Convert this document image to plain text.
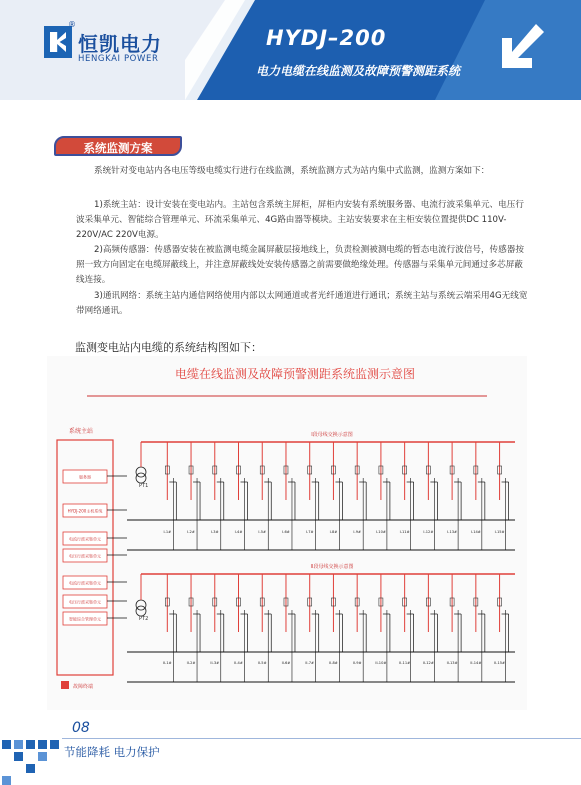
®
恒凯电力
HENGKAI POWER
HYDJ–200
电力电缆在线监测及故障预警测距系统
系统监测方案
系统针对变电站内各电压等级电缆实行进行在线监测，系统监测方式为站内集中式监测，监测方案如下：
1)系统主站：设计安装在变电站内。主站包含系统主屏柜，屏柜内安装有系统服务器、电流行波采集单元、电压行波采集单元、智能综合管理单元、环流采集单元、4G路由器等模块。主站安装要求在主柜安装位置提供DC 110V-220V/AC 220V电源。
2)高频传感器：传感器安装在被监测电缆金属屏蔽层接地线上，负责检测被测电缆的暂态电流行波信号，传感器按照一致方向固定在电缆屏蔽线上，并注意屏蔽线处安装传感器之前需要做绝缘处理。传感器与采集单元间通过多芯屏蔽线连接。
3)通讯网络：系统主站内通信网络使用内部以太网通道或者光纤通道进行通讯；系统主站与系统云端采用4G无线宽带网络通讯。
监测变电站内电缆的系统结构图如下：
电缆在线监测及故障预警测距系统监测示意图
系统主站
服务器
HYDJ-200主机系统
电流行波采集单元
电压行波采集单元
电流行波采集单元
电压行波采集单元
智能综合管理单元
故障终端
I段母线交换示意图
II段母线交换示意图
PT1
PT2
I-1#	I-2#	I-3#	I-4#	I-5#	I-6#	I-7#	I-8#	I-9#	I-10#	I-11#	I-12#	I-13#	I-14#	I-15#
II-1#	II-2#	II-3#	II-4#	II-5#	II-6#	II-7#	II-8#	II-9#	II-10#	II-11#	II-12#	II-13#	II-14#	II-15#
08
节能降耗 电力保护
